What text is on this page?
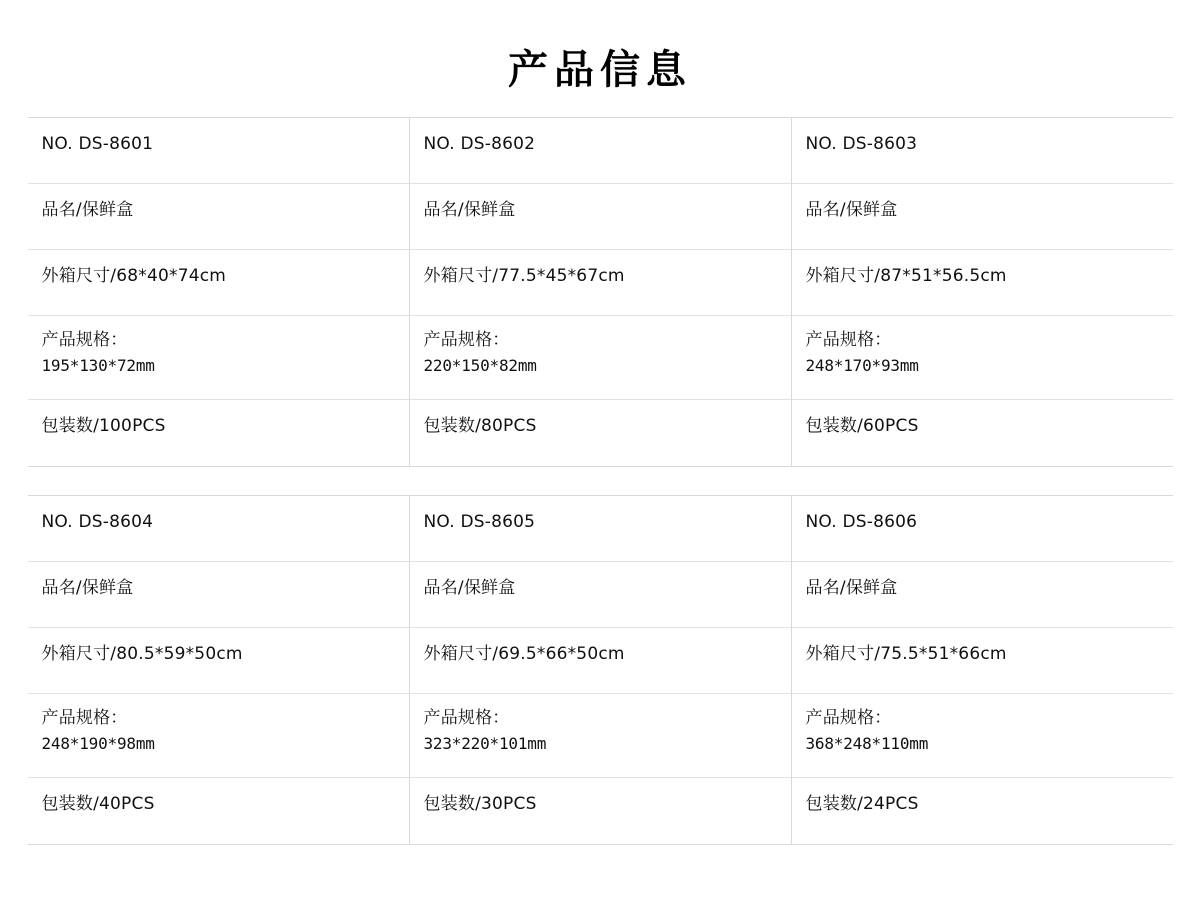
产品信息
NO. DS-8601
品名/保鲜盒
外箱尺寸/68*40*74cm
产品规格：
195*130*72mm
包装数/100PCS
NO. DS-8602
品名/保鲜盒
外箱尺寸/77.5*45*67cm
产品规格：
220*150*82mm
包装数/80PCS
NO. DS-8603
品名/保鲜盒
外箱尺寸/87*51*56.5cm
产品规格：
248*170*93mm
包装数/60PCS
NO. DS-8604
品名/保鲜盒
外箱尺寸/80.5*59*50cm
产品规格：
248*190*98mm
包装数/40PCS
NO. DS-8605
品名/保鲜盒
外箱尺寸/69.5*66*50cm
产品规格：
323*220*101mm
包装数/30PCS
NO. DS-8606
品名/保鲜盒
外箱尺寸/75.5*51*66cm
产品规格：
368*248*110mm
包装数/24PCS
